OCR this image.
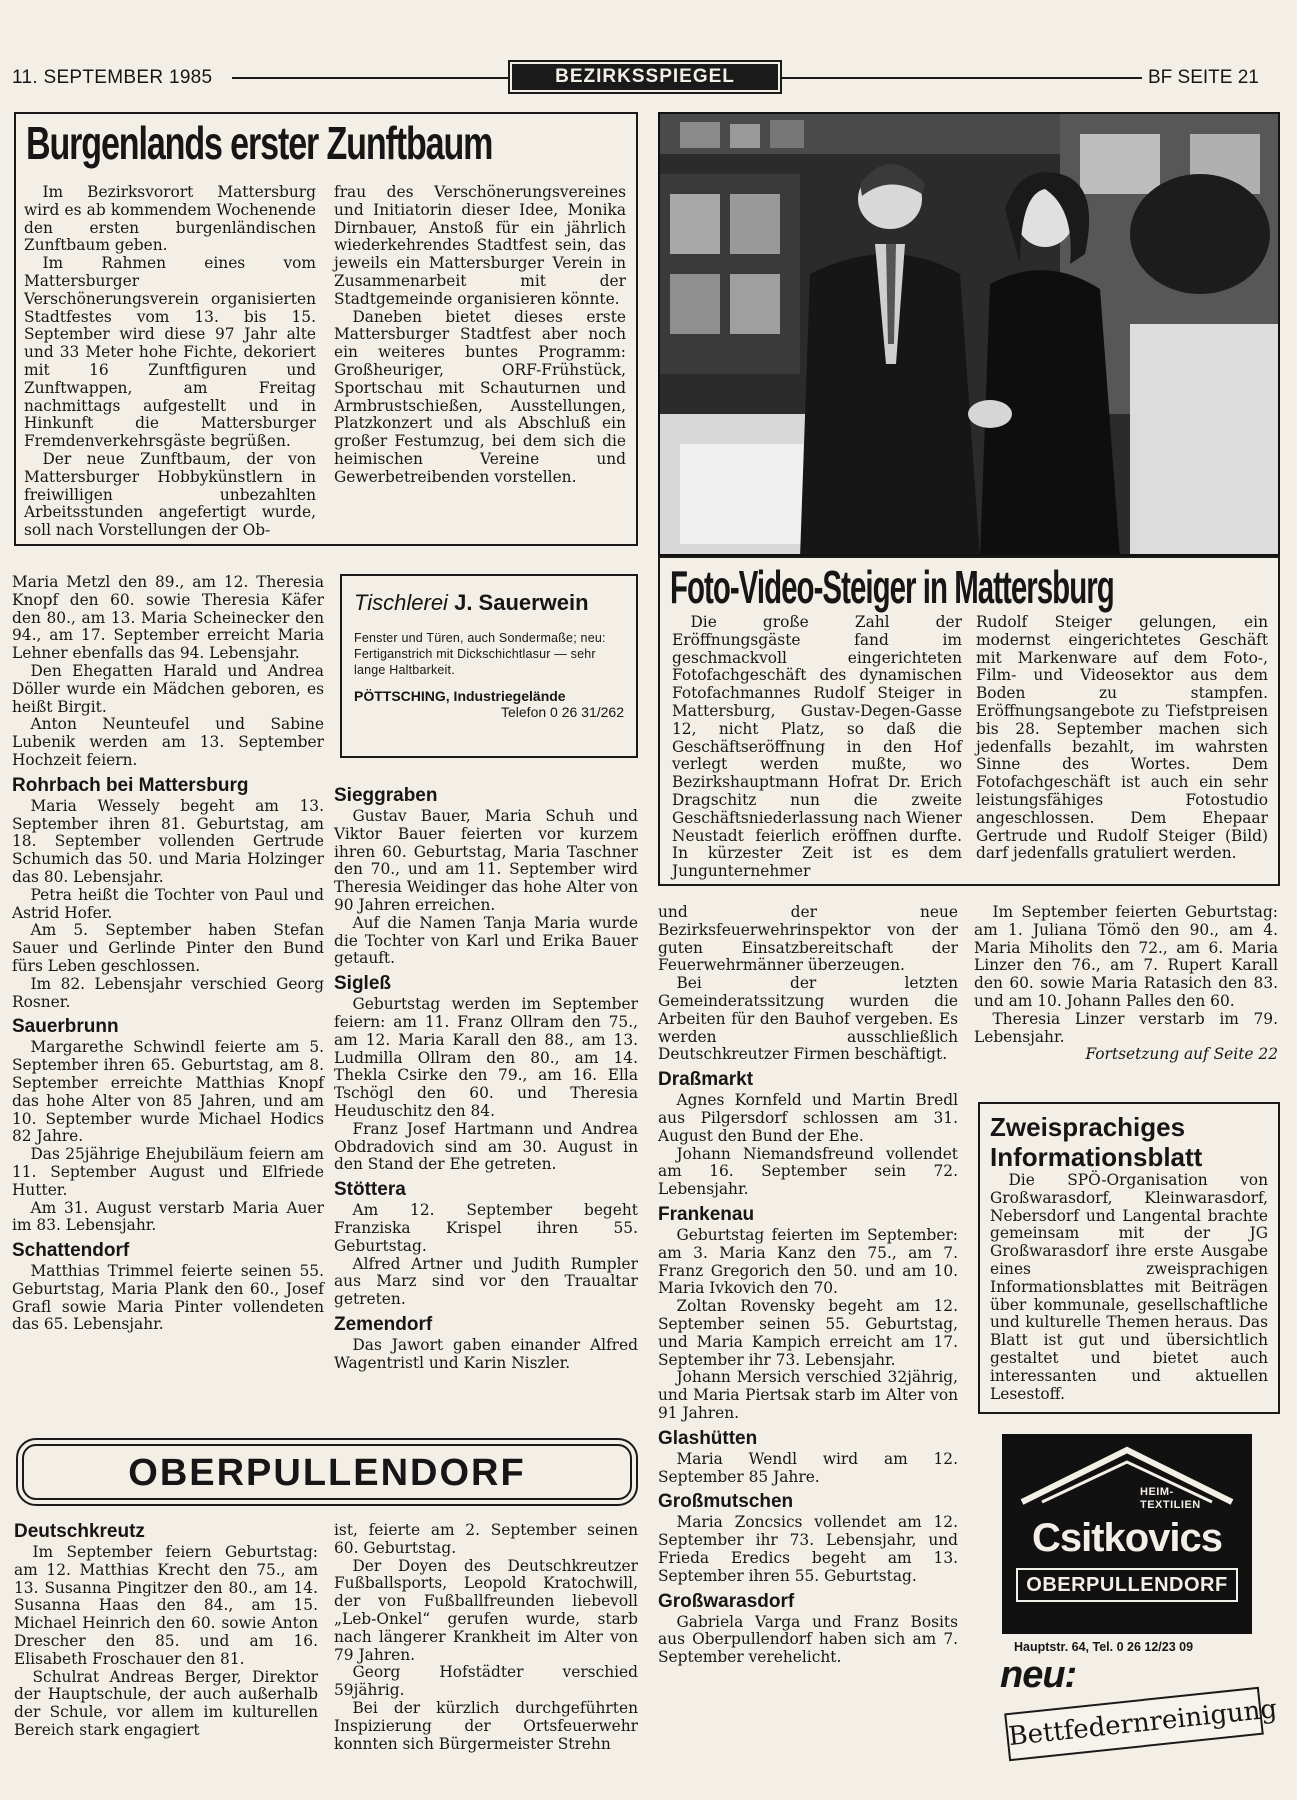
11. SEPTEMBER 1985	BEZIRKSSPIEGEL	BF SEITE 21
Burgenlands erster Zunftbaum

Im Bezirksvorort Mattersburg wird es ab kommendem Wochenende den ersten burgenländischen Zunftbaum geben.

Im Rahmen eines vom Mattersburger Verschönerungsverein organisierten Stadtfestes vom 13. bis 15. September wird diese 97 Jahr alte und 33 Meter hohe Fichte, dekoriert mit 16 Zunftfiguren und Zunftwappen, am Freitag nachmittags aufgestellt und in Hinkunft die Mattersburger Fremdenverkehrsgäste begrüßen.

Der neue Zunftbaum, der von Mattersburger Hobbykünstlern in freiwilligen unbezahlten Arbeitsstunden angefertigt wurde, soll nach Vorstellungen der Ob-

frau des Verschönerungsvereines und Initiatorin dieser Idee, Monika Dirnbauer, Anstoß für ein jährlich wiederkehrendes Stadtfest sein, das jeweils ein Mattersburger Verein in Zusammenarbeit mit der Stadtgemeinde organisieren könnte.

Daneben bietet dieses erste Mattersburger Stadtfest aber noch ein weiteres buntes Programm: Großheuriger, ORF-Frühstück, Sportschau mit Schauturnen und Armbrustschießen, Ausstellungen, Platzkonzert und als Abschluß ein großer Festumzug, bei dem sich die heimischen Vereine und Gewerbetreibenden vorstellen.

Foto-Video-Steiger in Mattersburg

Die große Zahl der Eröffnungsgäste fand im geschmackvoll eingerichteten Fotofachgeschäft des dynamischen Fotofachmannes Rudolf Steiger in Mattersburg, Gustav-Degen-Gasse 12, nicht Platz, so daß die Geschäftseröffnung in den Hof verlegt werden mußte, wo Bezirkshauptmann Hofrat Dr. Erich Dragschitz nun die zweite Geschäftsniederlassung nach Wiener Neustadt feierlich eröffnen durfte. In kürzester Zeit ist es dem Jungunternehmer

Rudolf Steiger gelungen, ein modernst eingerichtetes Geschäft mit Markenware auf dem Foto-, Film- und Videosektor aus dem Boden zu stampfen. Eröffnungsangebote zu Tiefstpreisen bis 28. September machen sich jedenfalls bezahlt, im wahrsten Sinne des Wortes. Dem Fotofachgeschäft ist auch ein sehr leistungsfähiges Fotostudio angeschlossen. Dem Ehepaar Gertrude und Rudolf Steiger (Bild) darf jedenfalls gratuliert werden.

Maria Metzl den 89., am 12. Theresia Knopf den 60. sowie Theresia Käfer den 80., am 13. Maria Scheinecker den 94., am 17. September erreicht Maria Lehner ebenfalls das 94. Lebensjahr.

Den Ehegatten Harald und Andrea Döller wurde ein Mädchen geboren, es heißt Birgit.

Anton Neunteufel und Sabine Lubenik werden am 13. September Hochzeit feiern.

Rohrbach bei Mattersburg

Maria Wessely begeht am 13. September ihren 81. Geburtstag, am 18. September vollenden Gertrude Schumich das 50. und Maria Holzinger das 80. Lebensjahr.

Petra heißt die Tochter von Paul und Astrid Hofer.

Am 5. September haben Stefan Sauer und Gerlinde Pinter den Bund fürs Leben geschlossen.

Im 82. Lebensjahr verschied Georg Rosner.

Sauerbrunn

Margarethe Schwindl feierte am 5. September ihren 65. Geburtstag, am 8. September erreichte Matthias Knopf das hohe Alter von 85 Jahren, und am 10. September wurde Michael Hodics 82 Jahre.

Das 25jährige Ehejubiläum feiern am 11. September August und Elfriede Hutter.

Am 31. August verstarb Maria Auer im 83. Lebensjahr.

Schattendorf

Matthias Trimmel feierte seinen 55. Geburtstag, Maria Plank den 60., Josef Grafl sowie Maria Pinter vollendeten das 65. Lebensjahr.

Tischlerei J. Sauerwein
Fenster und Türen, auch Sondermaße; neu: Fertiganstrich mit Dickschichtlasur — sehr lange Haltbarkeit.
PÖTTSCHING, Industriegelände
Telefon 0 26 31/262
Sieggraben

Gustav Bauer, Maria Schuh und Viktor Bauer feierten vor kurzem ihren 60. Geburtstag, Maria Taschner den 70., und am 11. September wird Theresia Weidinger das hohe Alter von 90 Jahren erreichen.

Auf die Namen Tanja Maria wurde die Tochter von Karl und Erika Bauer getauft.

Sigleß

Geburtstag werden im September feiern: am 11. Franz Ollram den 75., am 12. Maria Karall den 88., am 13. Ludmilla Ollram den 80., am 14. Thekla Csirke den 79., am 16. Ella Tschögl den 60. und Theresia Heuduschitz den 84.

Franz Josef Hartmann und Andrea Obdradovich sind am 30. August in den Stand der Ehe getreten.

Stöttera

Am 12. September begeht Franziska Krispel ihren 55. Geburtstag.

Alfred Artner und Judith Rumpler aus Marz sind vor den Traualtar getreten.

Zemendorf

Das Jawort gaben einander Alfred Wagentristl und Karin Niszler.

und der neue Bezirksfeuerwehrinspektor von der guten Einsatzbereitschaft der Feuerwehrmänner überzeugen.

Bei der letzten Gemeinderatssitzung wurden die Arbeiten für den Bauhof vergeben. Es werden ausschließlich Deutschkreutzer Firmen beschäftigt.

Draßmarkt

Agnes Kornfeld und Martin Bredl aus Pilgersdorf schlossen am 31. August den Bund der Ehe.

Johann Niemandsfreund vollendet am 16. September sein 72. Lebensjahr.

Frankenau

Geburtstag feierten im September: am 3. Maria Kanz den 75., am 7. Franz Gregorich den 50. und am 10. Maria Ivkovich den 70.

Zoltan Rovensky begeht am 12. September seinen 55. Geburtstag, und Maria Kampich erreicht am 17. September ihr 73. Lebensjahr.

Johann Mersich verschied 32jährig, und Maria Piertsak starb im Alter von 91 Jahren.

Glashütten

Maria Wendl wird am 12. September 85 Jahre.

Großmutschen

Maria Zoncsics vollendet am 12. September ihr 73. Lebensjahr, und Frieda Eredics begeht am 13. September ihren 55. Geburtstag.

Großwarasdorf

Gabriela Varga und Franz Bosits aus Oberpullendorf haben sich am 7. September verehelicht.

Im September feierten Geburtstag: am 1. Juliana Tömö den 90., am 4. Maria Miholits den 72., am 6. Maria Linzer den 76., am 7. Rupert Karall den 60. sowie Maria Ratasich den 83. und am 10. Johann Palles den 60.

Theresia Linzer verstarb im 79. Lebensjahr.

Fortsetzung auf Seite 22
Zweisprachiges
Informationsblatt
Die SPÖ-Organisation von Großwarasdorf, Kleinwarasdorf, Nebersdorf und Langental brachte gemeinsam mit der JG Großwarasdorf ihre erste Ausgabe eines zweisprachigen Informationsblattes mit Beiträgen über kommunale, gesellschaftliche und kulturelle Themen heraus. Das Blatt ist gut und übersichtlich gestaltet und bietet auch interessanten und aktuellen Lesestoff.
OBERPULLENDORF
Deutschkreutz

Im September feiern Geburtstag: am 12. Matthias Krecht den 75., am 13. Susanna Pingitzer den 80., am 14. Susanna Haas den 84., am 15. Michael Heinrich den 60. sowie Anton Drescher den 85. und am 16. Elisabeth Froschauer den 81.

Schulrat Andreas Berger, Direktor der Hauptschule, der auch außerhalb der Schule, vor allem im kulturellen Bereich stark engagiert

ist, feierte am 2. September seinen 60. Geburtstag.

Der Doyen des Deutschkreutzer Fußballsports, Leopold Kratochwill, der von Fußballfreunden liebevoll „Leb-Onkel“ gerufen wurde, starb nach längerer Krankheit im Alter von 79 Jahren.

Georg Hofstädter verschied 59jährig.

Bei der kürzlich durchgeführten Inspizierung der Ortsfeuerwehr konnten sich Bürgermeister Strehn

HEIM-TEXTILIEN
Csitkovics
OBERPULLENDORF
Hauptstr. 64, Tel. 0 26 12/23 09
neu:
Bettfedernreinigung
